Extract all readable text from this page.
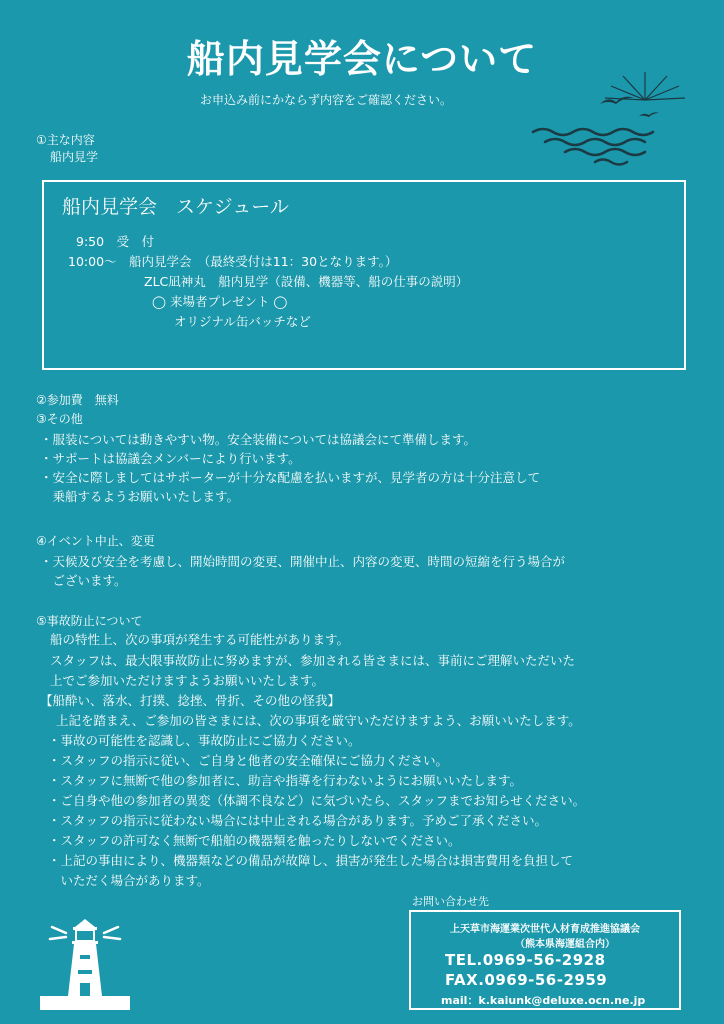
船内見学会について
お申込み前にかならず内容をご確認ください。
①主な内容
船内見学
船内見学会　スケジュール
9:50　受　付
10:00～　船内見学会　（最終受付は11：30となります。）
ZLC凪神丸　船内見学（設備、機器等、船の仕事の説明）
◯ 来場者プレゼント ◯
オリジナル缶バッチなど
②参加費　無料
③その他
・服装については動きやすい物。安全装備については協議会にて準備します。
・サポートは協議会メンバーにより行います。
・安全に際しましてはサポーターが十分な配慮を払いますが、見学者の方は十分注意して
　乗船するようお願いいたします。
④イベント中止、変更
・天候及び安全を考慮し、開始時間の変更、開催中止、内容の変更、時間の短縮を行う場合が
　ございます。
⑤事故防止について
船の特性上、次の事項が発生する可能性があります。
スタッフは、最大限事故防止に努めますが、参加される皆さまには、事前にご理解いただいた
上でご参加いただけますようお願いいたします。
【船酔い、落水、打撲、捻挫、骨折、その他の怪我】
上記を踏まえ、ご参加の皆さまには、次の事項を厳守いただけますよう、お願いいたします。
・事故の可能性を認識し、事故防止にご協力ください。
・スタッフの指示に従い、ご自身と他者の安全確保にご協力ください。
・スタッフに無断で他の参加者に、助言や指導を行わないようにお願いいたします。
・ご自身や他の参加者の異変（体調不良など）に気づいたら、スタッフまでお知らせください。
・スタッフの指示に従わない場合には中止される場合があります。予めご了承ください。
・スタッフの許可なく無断で船舶の機器類を触ったりしないでください。
・上記の事由により、機器類などの備品が故障し、損害が発生した場合は損害費用を負担して
　いただく場合があります。
お問い合わせ先
上天草市海運業次世代人材育成推進協議会
（熊本県海運組合内）
TEL.0969-56-2928
FAX.0969-56-2959
mail：k.kaiunk@deluxe.ocn.ne.jp
